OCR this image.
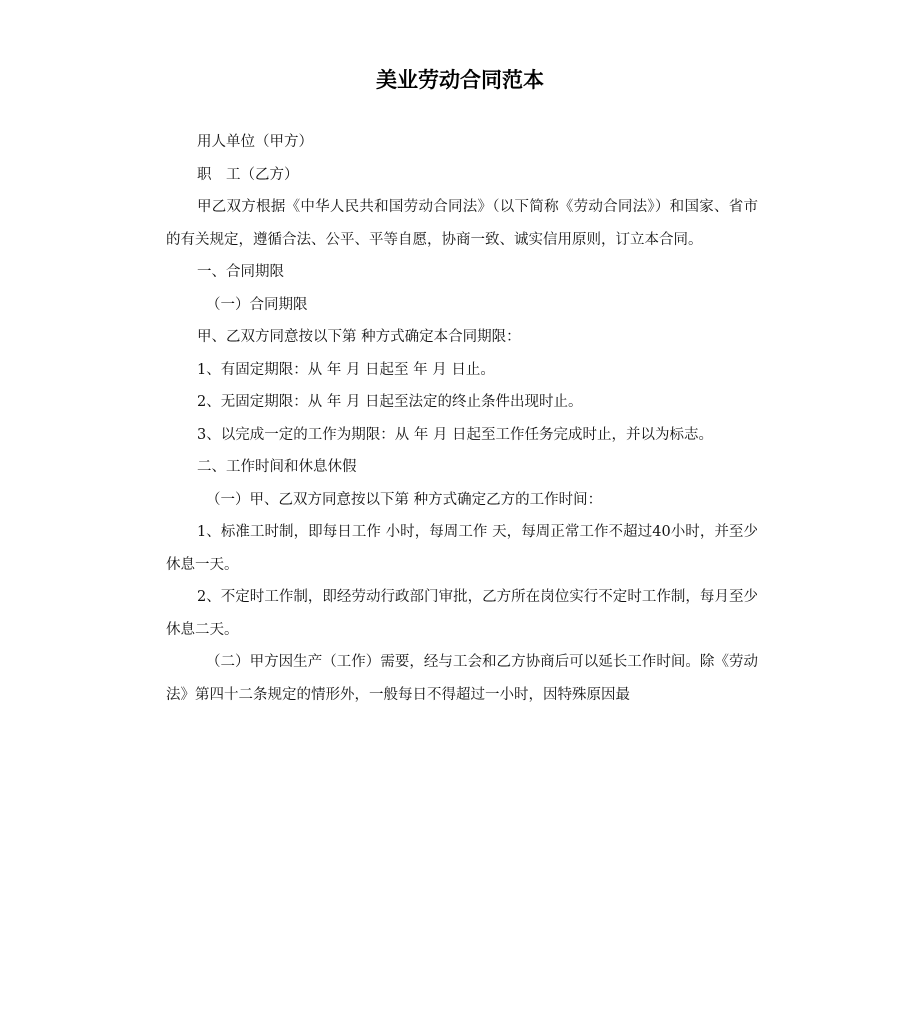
美业劳动合同范本

用人单位（甲方）

职　工（乙方）

甲乙双方根据《中华人民共和国劳动合同法》（以下简称《劳动合同法》）和国家、省市的有关规定，遵循合法、公平、平等自愿，协商一致、诚实信用原则，订立本合同。

一、合同期限

（一）合同期限

甲、乙双方同意按以下第 种方式确定本合同期限：

1、有固定期限：从 年 月 日起至 年 月 日止。

2、无固定期限：从 年 月 日起至法定的终止条件出现时止。

3、以完成一定的工作为期限：从 年 月 日起至工作任务完成时止，并以为标志。

二、工作时间和休息休假

（一）甲、乙双方同意按以下第 种方式确定乙方的工作时间：

1、标准工时制，即每日工作 小时，每周工作 天，每周正常工作不超过40小时，并至少休息一天。

2、不定时工作制，即经劳动行政部门审批，乙方所在岗位实行不定时工作制，每月至少休息二天。

（二）甲方因生产（工作）需要，经与工会和乙方协商后可以延长工作时间。除《劳动法》第四十二条规定的情形外，一般每日不得超过一小时，因特殊原因最
